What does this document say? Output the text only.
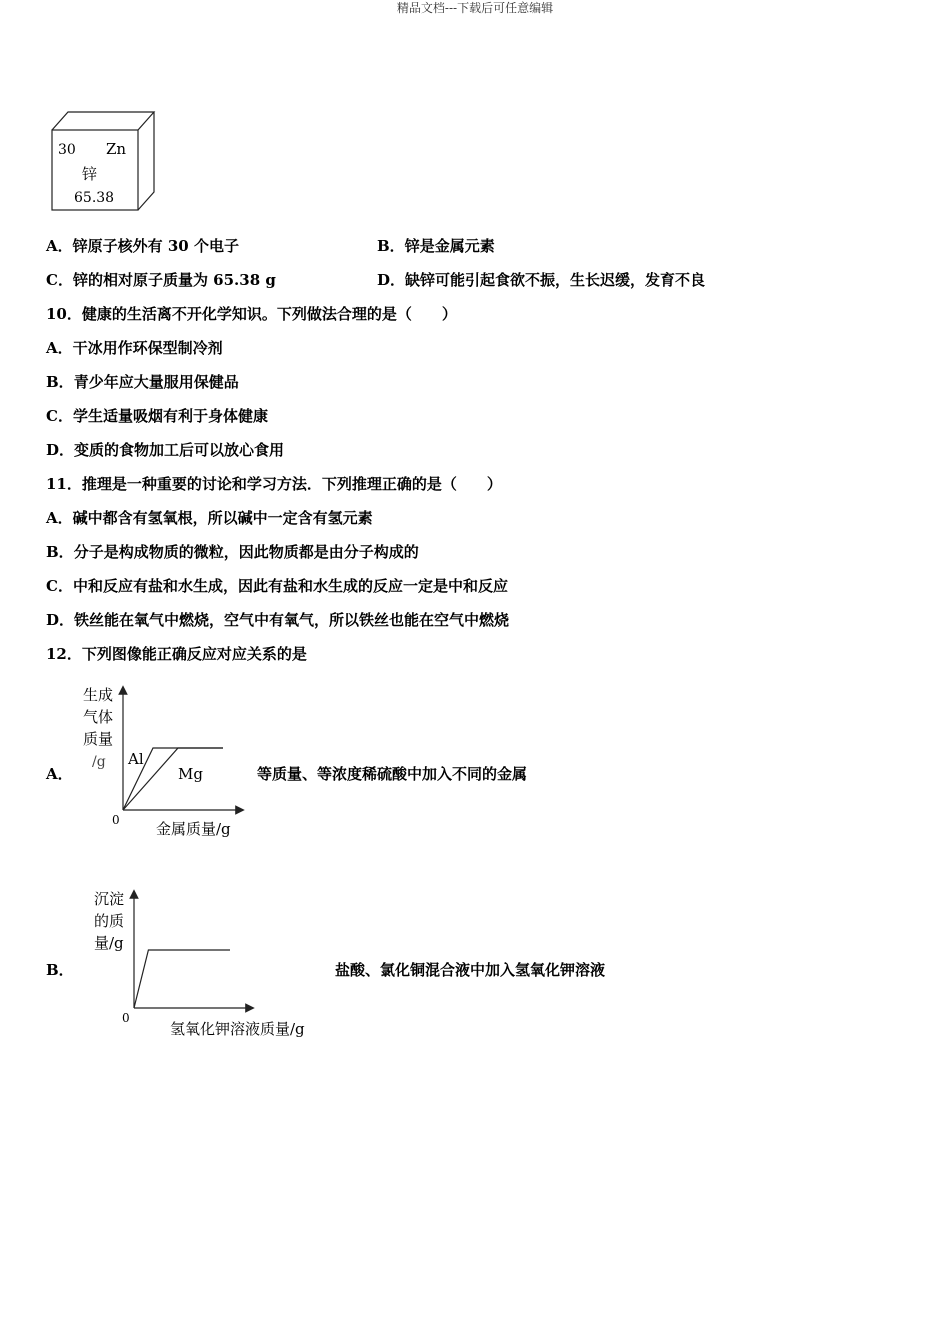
精品文档---下载后可任意编辑
30 Zn
锌
65.38
A．锌原子核外有 30 个电子	B．锌是金属元素
C．锌的相对原子质量为 65.38 g	D．缺锌可能引起食欲不振，生长迟缓，发育不良
10．健康的生活离不开化学知识。下列做法合理的是（　　）
A．干冰用作环保型制冷剂
B．青少年应大量服用保健品
C．学生适量吸烟有利于身体健康
D．变质的食物加工后可以放心食用
11．推理是一种重要的讨论和学习方法．下列推理正确的是（　　）
A．碱中都含有氢氧根，所以碱中一定含有氢元素
B．分子是构成物质的微粒，因此物质都是由分子构成的
C．中和反应有盐和水生成，因此有盐和水生成的反应一定是中和反应
D．铁丝能在氧气中燃烧，空气中有氧气，所以铁丝也能在空气中燃烧
12．下列图像能正确反应对应关系的是
A．
生成
气体
质量
/g
0
Al
Mg
金属质量/g
等质量、等浓度稀硫酸中加入不同的金属
B．
沉淀
的质
量/g
0
氢氧化钾溶液质量/g
盐酸、氯化铜混合液中加入氢氧化钾溶液
